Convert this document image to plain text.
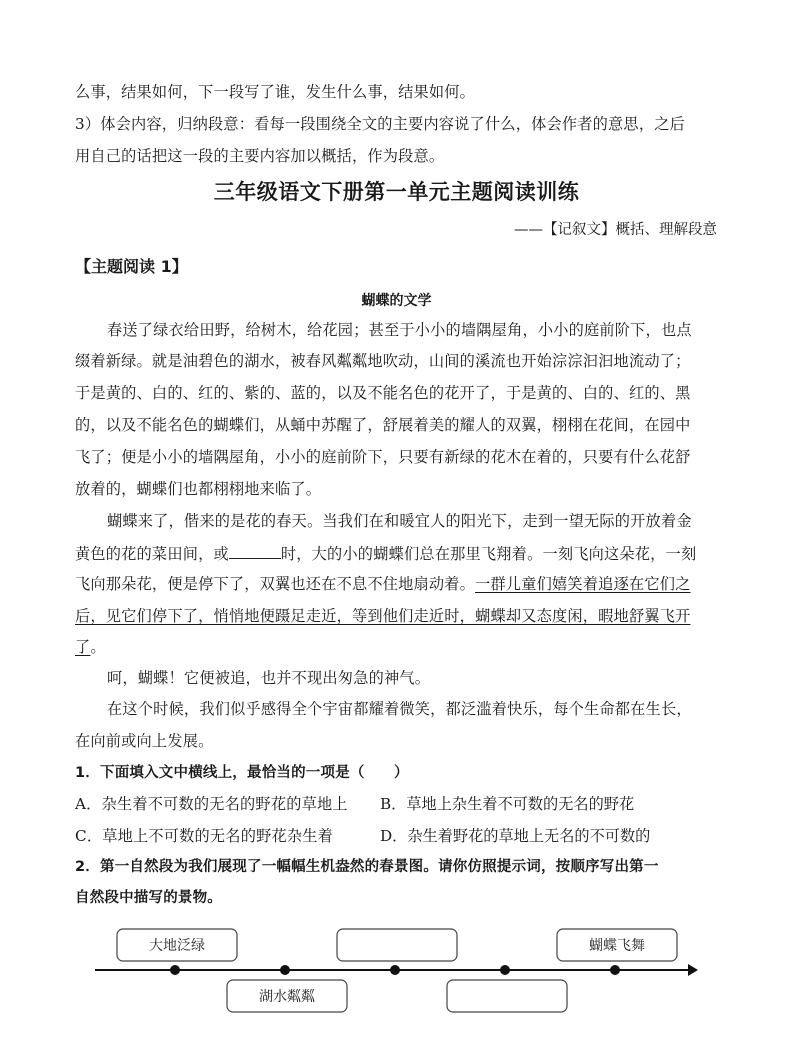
么事，结果如何，下一段写了谁，发生什么事，结果如何。
3）体会内容，归纳段意：看每一段围绕全文的主要内容说了什么，体会作者的意思，之后
用自己的话把这一段的主要内容加以概括，作为段意。
三年级语文下册第一单元主题阅读训练
——【记叙文】概括、理解段意
【主题阅读 1】
蝴蝶的文学
春送了绿衣给田野，给树木，给花园；甚至于小小的墙隅屋角，小小的庭前阶下，也点
缀着新绿。就是油碧色的湖水，被春风粼粼地吹动，山间的溪流也开始淙淙汩汩地流动了；
于是黄的、白的、红的、紫的、蓝的，以及不能名色的花开了，于是黄的、白的、红的、黑
的，以及不能名色的蝴蝶们，从蛹中苏醒了，舒展着美的耀人的双翼，栩栩在花间，在园中
飞了；便是小小的墙隅屋角，小小的庭前阶下，只要有新绿的花木在着的，只要有什么花舒
放着的，蝴蝶们也都栩栩地来临了。
蝴蝶来了，偕来的是花的春天。当我们在和暖宜人的阳光下，走到一望无际的开放着金
黄色的花的菜田间，或	时，大的小的蝴蝶们总在那里飞翔着。一刻飞向这朵花，一刻
飞向那朵花，便是停下了，双翼也还在不息不住地扇动着。一群儿童们嬉笑着追逐在它们之
后，见它们停下了，悄悄地便蹑足走近，等到他们走近时，蝴蝶却又态度闲，暇地舒翼飞开
了。
呵，蝴蝶！它便被追，也并不现出匆急的神气。
在这个时候，我们似乎感得全个宇宙都耀着微笑，都泛滥着快乐，每个生命都在生长，
在向前或向上发展。
1．下面填入文中横线上，最恰当的一项是（　　）
A．杂生着不可数的无名的野花的草地上 B．草地上杂生着不可数的无名的野花
C．草地上不可数的无名的野花杂生着	D．杂生着野花的草地上无名的不可数的
2．第一自然段为我们展现了一幅幅生机盎然的春景图。请你仿照提示词，按顺序写出第一
自然段中描写的景物。
大地泛绿
湖水粼粼
蝴蝶飞舞
